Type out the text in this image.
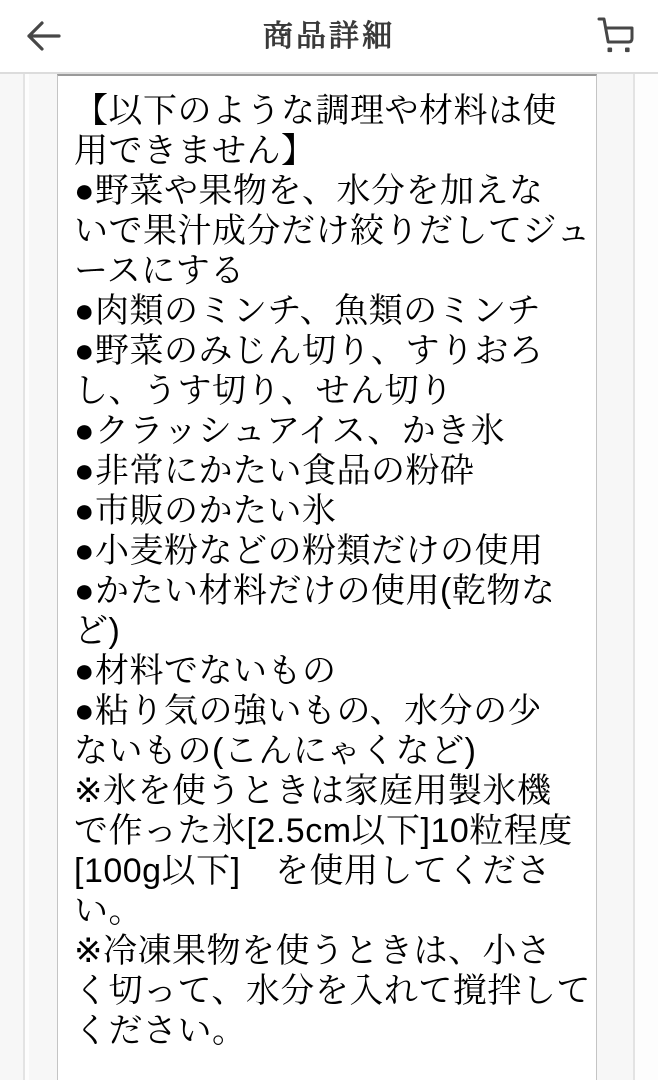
商品詳細
【以下のような調理や材料は使
用できません】
●野菜や果物を、水分を加えな
いで果汁成分だけ絞りだしてジュ
ースにする
●肉類のミンチ、魚類のミンチ
●野菜のみじん切り、すりおろ
し、うす切り、せん切り
●クラッシュアイス、かき氷
●非常にかたい食品の粉砕
●市販のかたい氷
●小麦粉などの粉類だけの使用
●かたい材料だけの使用(乾物な
ど)
●材料でないもの
●粘り気の強いもの、水分の少
ないもの(こんにゃくなど)
※氷を使うときは家庭用製氷機
で作った氷[2.5cm以下]10粒程度
[100g以下]　を使用してくださ
い。
※冷凍果物を使うときは、小さ
く切って、水分を入れて撹拌して
ください。
